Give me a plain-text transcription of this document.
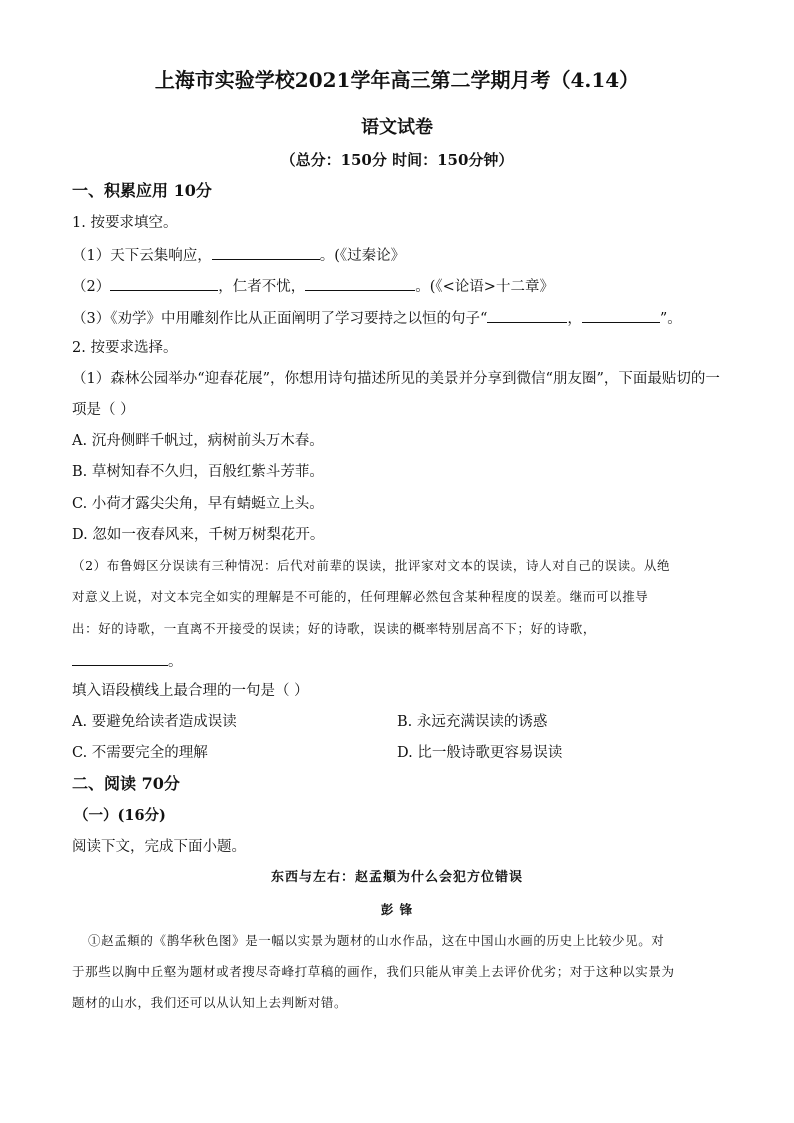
上海市实验学校2021学年高三第二学期月考（4.14）
语文试卷
（总分：150分 时间：150分钟）
一、积累应用 10分
1. 按要求填空。
（1）天下云集响应，	。(《过秦论》
（2）	，仁者不忧，	。(《<论语>十二章》
（3）《劝学》中用雕刻作比从正面阐明了学习要持之以恒的句子“	，	”。
2. 按要求选择。
（1）森林公园举办“迎春花展”，你想用诗句描述所见的美景并分享到微信“朋友圈”，下面最贴切的一
项是（ ）
A. 沉舟侧畔千帆过，病树前头万木春。
B. 草树知春不久归，百般红紫斗芳菲。
C. 小荷才露尖尖角，早有蜻蜓立上头。
D. 忽如一夜春风来，千树万树梨花开。
（2）布鲁姆区分误读有三种情况：后代对前辈的误读，批评家对文本的误读，诗人对自己的误读。从绝
对意义上说，对文本完全如实的理解是不可能的，任何理解必然包含某种程度的误差。继而可以推导
出：好的诗歌，一直离不开接受的误读；好的诗歌，误读的概率特别居高不下；好的诗歌，
。
填入语段横线上最合理的一句是（ ）
A. 要避免给读者造成误读	B. 永远充满误读的诱惑
C. 不需要完全的理解	D. 比一般诗歌更容易误读
二、阅读 70分
（一）(16分)
阅读下文，完成下面小题。
东西与左右：赵孟頫为什么会犯方位错误
彭 锋
①赵孟頫的《鹊华秋色图》是一幅以实景为题材的山水作品，这在中国山水画的历史上比较少见。对
于那些以胸中丘壑为题材或者搜尽奇峰打草稿的画作，我们只能从审美上去评价优劣；对于这种以实景为
题材的山水，我们还可以从认知上去判断对错。
